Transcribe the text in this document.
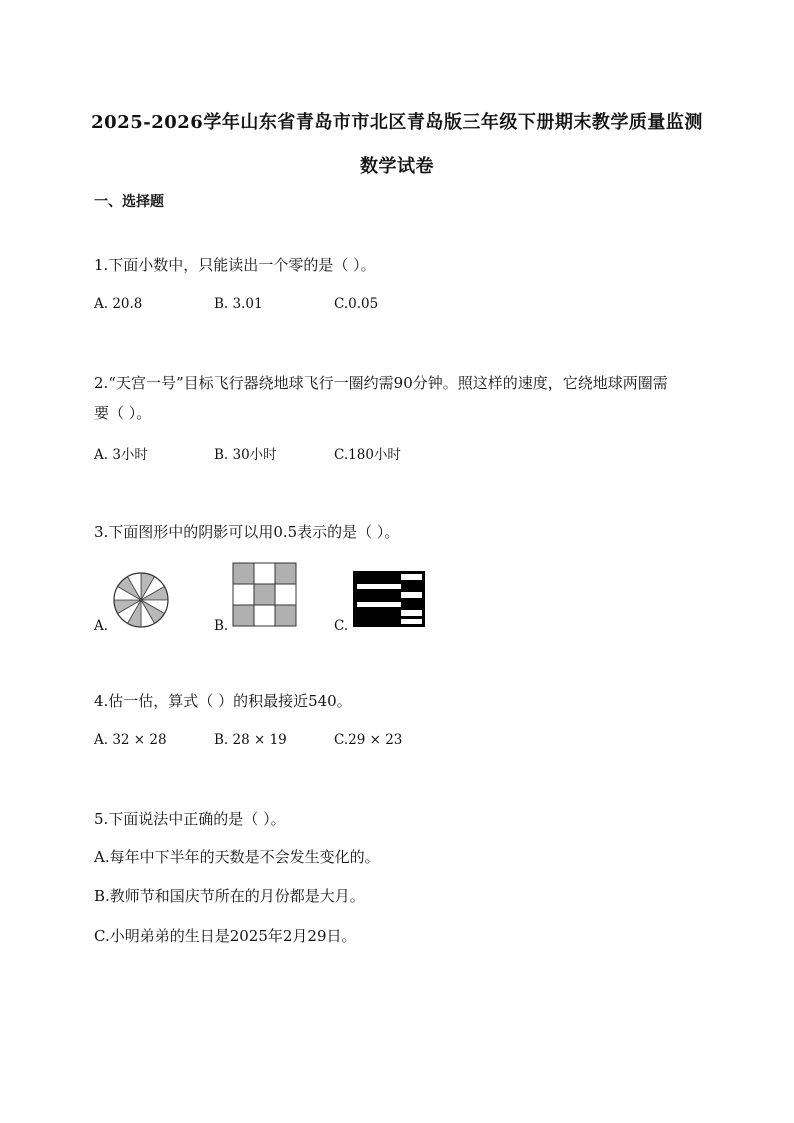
2025-2026学年山东省青岛市市北区青岛版三年级下册期末教学质量监测
数学试卷
一、选择题
1.下面小数中，只能读出一个零的是（ ）。
A. 20.8	B. 3.01	C.0.05
2.“天宫一号”目标飞行器绕地球飞行一圈约需90分钟。照这样的速度，它绕地球两圈需
要（ ）。
A. 3小时	B. 30小时	C.180小时
3.下面图形中的阴影可以用0.5表示的是（ ）。
A.	B.	C.
4.估一估，算式（ ）的积最接近540。
A. 32 × 28	B. 28 × 19	C.29 × 23
5.下面说法中正确的是（ ）。
A.每年中下半年的天数是不会发生变化的。
B.教师节和国庆节所在的月份都是大月。
C.小明弟弟的生日是2025年2月29日。
